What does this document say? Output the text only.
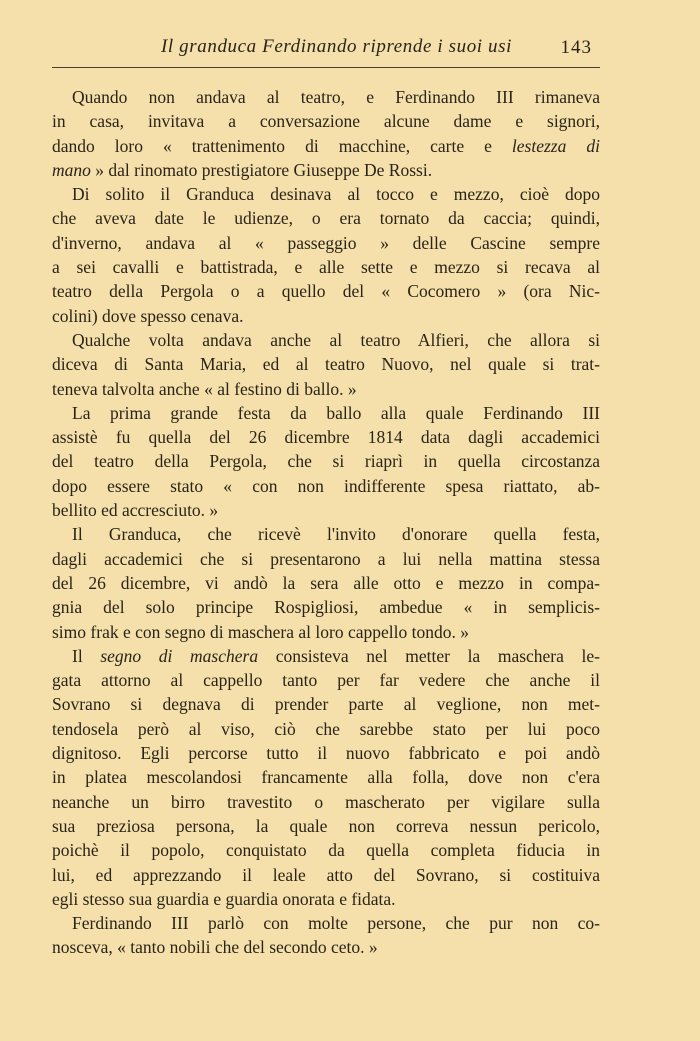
Il granduca Ferdinando riprende i suoi usi	143
Quando non andava al teatro, e Ferdinando III rimaneva
in casa, invitava a conversazione alcune dame e signori,
dando loro « trattenimento di macchine, carte e lestezza di
mano » dal rinomato prestigiatore Giuseppe De Rossi.
Di solito il Granduca desinava al tocco e mezzo, cioè dopo
che aveva date le udienze, o era tornato da caccia; quindi,
d'inverno, andava al « passeggio » delle Cascine sempre
a sei cavalli e battistrada, e alle sette e mezzo si recava al
teatro della Pergola o a quello del « Cocomero » (ora Nic-
colini) dove spesso cenava.
Qualche volta andava anche al teatro Alfieri, che allora si
diceva di Santa Maria, ed al teatro Nuovo, nel quale si trat-
teneva talvolta anche « al festino di ballo. »
La prima grande festa da ballo alla quale Ferdinando III
assistè fu quella del 26 dicembre 1814 data dagli accademici
del teatro della Pergola, che si riaprì in quella circostanza
dopo essere stato « con non indifferente spesa riattato, ab-
bellito ed accresciuto. »
Il Granduca, che ricevè l'invito d'onorare quella festa,
dagli accademici che si presentarono a lui nella mattina stessa
del 26 dicembre, vi andò la sera alle otto e mezzo in compa-
gnia del solo principe Rospigliosi, ambedue « in semplicis-
simo frak e con segno di maschera al loro cappello tondo. »
Il segno di maschera consisteva nel metter la maschera le-
gata attorno al cappello tanto per far vedere che anche il
Sovrano si degnava di prender parte al veglione, non met-
tendosela però al viso, ciò che sarebbe stato per lui poco
dignitoso. Egli percorse tutto il nuovo fabbricato e poi andò
in platea mescolandosi francamente alla folla, dove non c'era
neanche un birro travestito o mascherato per vigilare sulla
sua preziosa persona, la quale non correva nessun pericolo,
poichè il popolo, conquistato da quella completa fiducia in
lui, ed apprezzando il leale atto del Sovrano, si costituiva
egli stesso sua guardia e guardia onorata e fidata.
Ferdinando III parlò con molte persone, che pur non co-
nosceva, « tanto nobili che del secondo ceto. »
